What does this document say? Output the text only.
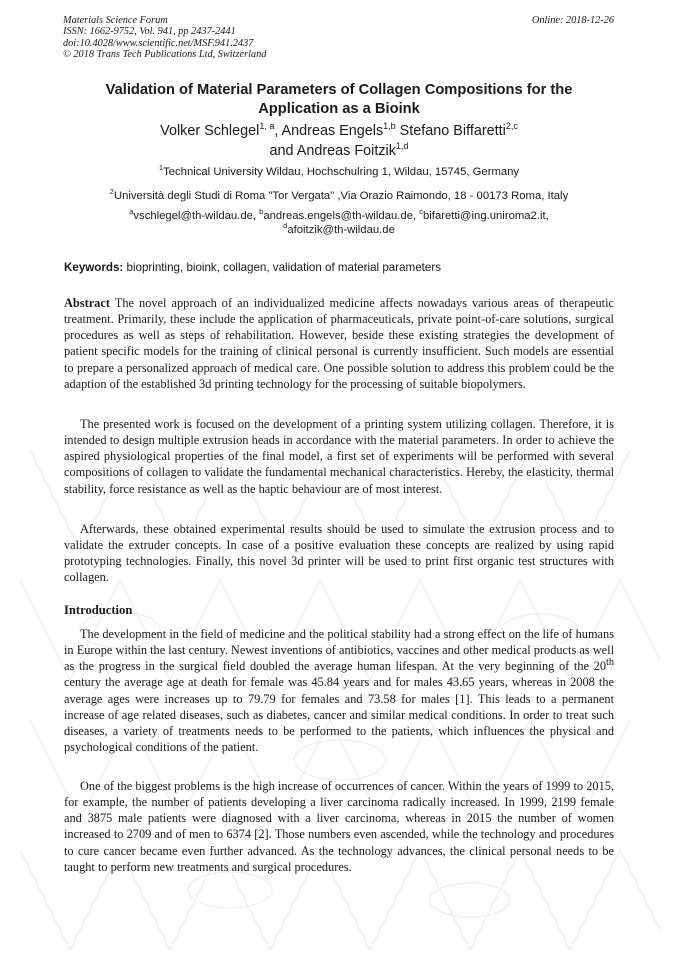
Materials Science Forum
ISSN: 1662-9752, Vol. 941, pp 2437-2441
doi:10.4028/www.scientific.net/MSF.941.2437
© 2018 Trans Tech Publications Ltd, Switzerland
Online: 2018-12-26
Validation of Material Parameters of Collagen Compositions for the
Application as a Bioink
Volker Schlegel$^{1, a}$, Andreas Engels$^{1,b}$ Stefano Biffaretti$^{2,c}$
and Andreas Foitzik$^{1,d}$
$^1$Technical University Wildau, Hochschulring 1, Wildau, 15745, Germany
$^2$Università degli Studi di Roma "Tor Vergata" ,Via Orazio Raimondo, 18 - 00173 Roma, Italy
$^a$vschlegel@th-wildau.de, $^b$andreas.engels@th-wildau.de, $^c$bifaretti@ing.uniroma2.it,
$^d$afoitzik@th-wildau.de
Keywords: bioprinting, bioink, collagen, validation of material parameters

Abstract The novel approach of an individualized medicine affects nowadays various areas of therapeutic treatment. Primarily, these include the application of pharmaceuticals, private point-of-care solutions, surgical procedures as well as steps of rehabilitation. However, beside these existing strategies the development of patient specific models for the training of clinical personal is currently insufficient. Such models are essential to prepare a personalized approach of medical care. One possible solution to address this problem could be the adaption of the established 3d printing technology for the processing of suitable biopolymers.

The presented work is focused on the development of a printing system utilizing collagen. Therefore, it is intended to design multiple extrusion heads in accordance with the material parameters. In order to achieve the aspired physiological properties of the final model, a first set of experiments will be performed with several compositions of collagen to validate the fundamental mechanical characteristics. Hereby, the elasticity, thermal stability, force resistance as well as the haptic behaviour are of most interest.

Afterwards, these obtained experimental results should be used to simulate the extrusion process and to validate the extruder concepts. In case of a positive evaluation these concepts are realized by using rapid prototyping technologies. Finally, this novel 3d printer will be used to print first organic test structures with collagen.

Introduction

The development in the field of medicine and the political stability had a strong effect on the life of humans in Europe within the last century. Newest inventions of antibiotics, vaccines and other medical products as well as the progress in the surgical field doubled the average human lifespan. At the very beginning of the 20th century the average age at death for female was 45.84 years and for males 43.65 years, whereas in 2008 the average ages were increases up to 79.79 for females and 73.58 for males [1]. This leads to a permanent increase of age related diseases, such as diabetes, cancer and similar medical conditions. In order to treat such diseases, a variety of treatments needs to be performed to the patients, which influences the physical and psychological conditions of the patient.

One of the biggest problems is the high increase of occurrences of cancer. Within the years of 1999 to 2015, for example, the number of patients developing a liver carcinoma radically increased. In 1999, 2199 female and 3875 male patients were diagnosed with a liver carcinoma, whereas in 2015 the number of women increased to 2709 and of men to 6374 [2]. Those numbers even ascended, while the technology and procedures to cure cancer became even further advanced. As the technology advances, the clinical personal needs to be taught to perform new treatments and surgical procedures.
